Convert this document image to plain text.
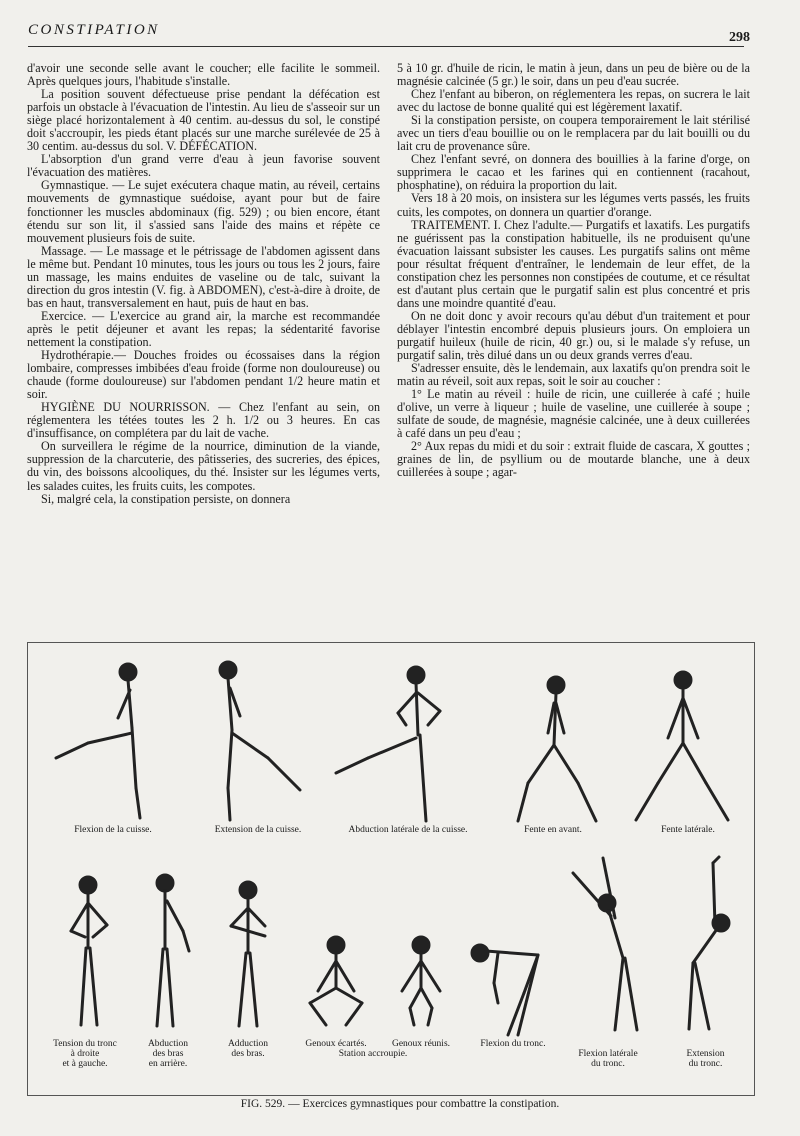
CONSTIPATION	298

d'avoir une seconde selle avant le coucher; elle facilite le sommeil. Après quelques jours, l'habitude s'installe.

La position souvent défectueuse prise pendant la défécation est parfois un obstacle à l'évacuation de l'intestin. Au lieu de s'asseoir sur un siège placé horizontalement à 40 centim. au-dessus du sol, le constipé doit s'accroupir, les pieds étant placés sur une marche surélevée de 25 à 30 centim. au-dessus du sol. V. DÉFÉCATION.

L'absorption d'un grand verre d'eau à jeun favorise souvent l'évacuation des matières.

Gymnastique. — Le sujet exécutera chaque matin, au réveil, certains mouvements de gymnastique suédoise, ayant pour but de faire fonctionner les muscles abdominaux (fig. 529) ; ou bien encore, étant étendu sur son lit, il s'assied sans l'aide des mains et répète ce mouvement plusieurs fois de suite.

Massage. — Le massage et le pétrissage de l'abdomen agissent dans le même but. Pendant 10 minutes, tous les jours ou tous les 2 jours, faire un massage, les mains enduites de vaseline ou de talc, suivant la direction du gros intestin (V. fig. à ABDOMEN), c'est-à-dire à droite, de bas en haut, transversalement en haut, puis de haut en bas.

Exercice. — L'exercice au grand air, la marche est recommandée après le petit déjeuner et avant les repas; la sédentarité favorise nettement la constipation.

Hydrothérapie.— Douches froides ou écossaises dans la région lombaire, compresses imbibées d'eau froide (forme non douloureuse) ou chaude (forme douloureuse) sur l'abdomen pendant 1/2 heure matin et soir.

HYGIÈNE DU NOURRISSON. — Chez l'enfant au sein, on réglementera les tétées toutes les 2 h. 1/2 ou 3 heures. En cas d'insuffisance, on complétera par du lait de vache.

On surveillera le régime de la nourrice, diminution de la viande, suppression de la charcuterie, des pâtisseries, des sucreries, des épices, du vin, des boissons alcooliques, du thé. Insister sur les légumes verts, les salades cuites, les fruits cuits, les compotes.

Si, malgré cela, la constipation persiste, on donnera

5 à 10 gr. d'huile de ricin, le matin à jeun, dans un peu de bière ou de la magnésie calcinée (5 gr.) le soir, dans un peu d'eau sucrée.

Chez l'enfant au biberon, on réglementera les repas, on sucrera le lait avec du lactose de bonne qualité qui est légèrement laxatif.

Si la constipation persiste, on coupera temporairement le lait stérilisé avec un tiers d'eau bouillie ou on le remplacera par du lait bouilli ou du lait cru de provenance sûre.

Chez l'enfant sevré, on donnera des bouillies à la farine d'orge, on supprimera le cacao et les farines qui en contiennent (racahout, phosphatine), on réduira la proportion du lait.

Vers 18 à 20 mois, on insistera sur les légumes verts passés, les fruits cuits, les compotes, on donnera un quartier d'orange.

TRAITEMENT. I. Chez l'adulte.— Purgatifs et laxatifs. Les purgatifs ne guérissent pas la constipation habituelle, ils ne produisent qu'une évacuation laissant subsister les causes. Les purgatifs salins ont même pour résultat fréquent d'entraîner, le lendemain de leur effet, de la constipation chez les personnes non constipées de coutume, et ce résultat est d'autant plus certain que le purgatif salin est plus concentré et pris dans une moindre quantité d'eau.

On ne doit donc y avoir recours qu'au début d'un traitement et pour déblayer l'intestin encombré depuis plusieurs jours. On emploiera un purgatif huileux (huile de ricin, 40 gr.) ou, si le malade s'y refuse, un purgatif salin, très dilué dans un ou deux grands verres d'eau.

S'adresser ensuite, dès le lendemain, aux laxatifs qu'on prendra soit le matin au réveil, soit aux repas, soit le soir au coucher :

1° Le matin au réveil : huile de ricin, une cuillerée à café ; huile d'olive, un verre à liqueur ; huile de vaseline, une cuillerée à soupe ; sulfate de soude, de magnésie, magnésie calcinée, une à deux cuillerées à café dans un peu d'eau ;

2° Aux repas du midi et du soir : extrait fluide de cascara, X gouttes ; graines de lin, de psyllium ou de moutarde blanche, une à deux cuillerées à soupe ; agar-

Flexion de la cuisse.	Extension de la cuisse.	Abduction latérale de la cuisse.	Fente en avant.	Fente latérale.
Tension du tronc
à droite
et à gauche.
Abduction
des bras
en arrière.
Adduction
des bras.
Genoux écartés.	Genoux réunis.
Station accroupie.
Flexion du tronc.
Flexion latérale
du tronc.
Extension
du tronc.
FIG. 529. — Exercices gymnastiques pour combattre la constipation.
